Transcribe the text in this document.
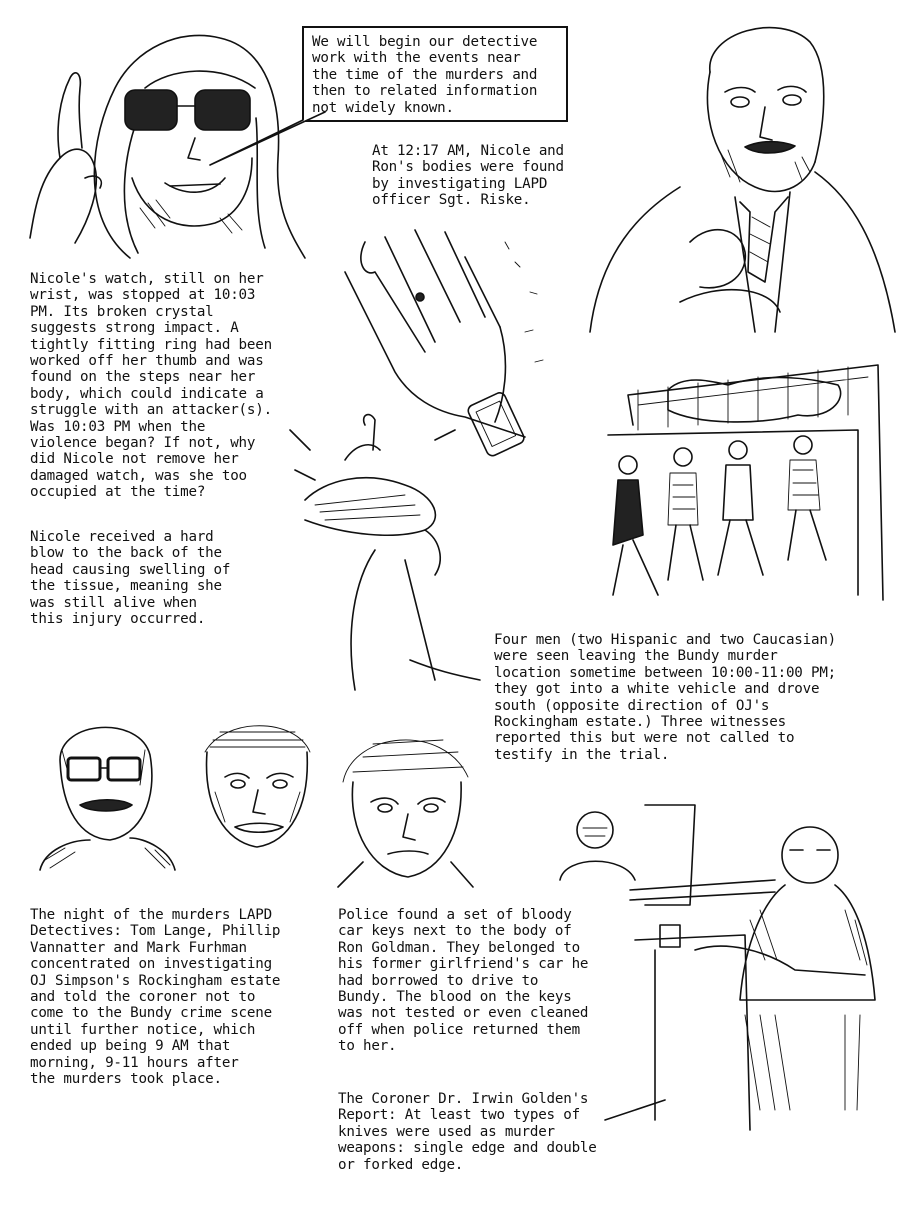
We will begin our detective
work with the events near
the time of the murders and
then to related information
not widely known.
At 12:17 AM, Nicole and
Ron's bodies were found
by investigating LAPD
officer Sgt. Riske.
Nicole's watch, still on her
wrist, was stopped at 10:03
PM. Its broken crystal
suggests strong impact. A
tightly fitting ring had been
worked off her thumb and was
found on the steps near her
body, which could indicate a
struggle with an attacker(s).
Was 10:03 PM when the
violence began? If not, why
did Nicole not remove her
damaged watch, was she too
occupied at the time?
Nicole received a hard
blow to the back of the
head causing swelling of
the tissue, meaning she
was still alive when
this injury occurred.
Four men (two Hispanic and two Caucasian)
were seen leaving the Bundy murder
location sometime between 10:00-11:00 PM;
they got into a white vehicle and drove
south (opposite direction of OJ's
Rockingham estate.) Three witnesses
reported this but were not called to
testify in the trial.
The night of the murders LAPD
Detectives: Tom Lange, Phillip
Vannatter and Mark Furhman
concentrated on investigating
OJ Simpson's Rockingham estate
and told the coroner not to
come to the Bundy crime scene
until further notice, which
ended up being 9 AM that
morning, 9-11 hours after
the murders took place.
Police found a set of bloody
car keys next to the body of
Ron Goldman. They belonged to
his former girlfriend's car he
had borrowed to drive to
Bundy. The blood on the keys
was not tested or even cleaned
off when police returned them
to her.
The Coroner Dr. Irwin Golden's
Report: At least two types of
knives were used as murder
weapons: single edge and double
or forked edge.
